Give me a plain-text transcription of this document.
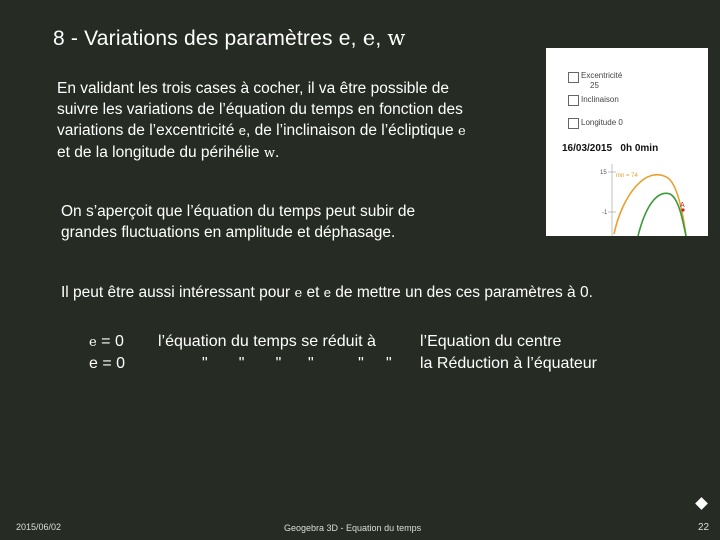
8 - Variations des paramètres e, e, w
En validant les trois cases à cocher, il va être possible de
suivre les variations de l’équation du temps en fonction des
variations de l’excentricité e, de l’inclinaison de l’écliptique e
et de la longitude du périhélie w.
Excentricité
25
Inclinaison
Longitude 0
16/03/2015   0h 0min
15
-1
mn = 74
A
On s’aperçoit que l’équation du temps peut subir de
grandes fluctuations en amplitude et déphasage.
Il peut être aussi intéressant pour e et e de mettre un des ces paramètres à 0.
e = 0 l’équation du temps se réduit à	l’Equation du centre
e = 0	"       "       "      "          "     " la Réduction à l’équateur
2015/06/02	Geogebra 3D - Equation du temps	22
